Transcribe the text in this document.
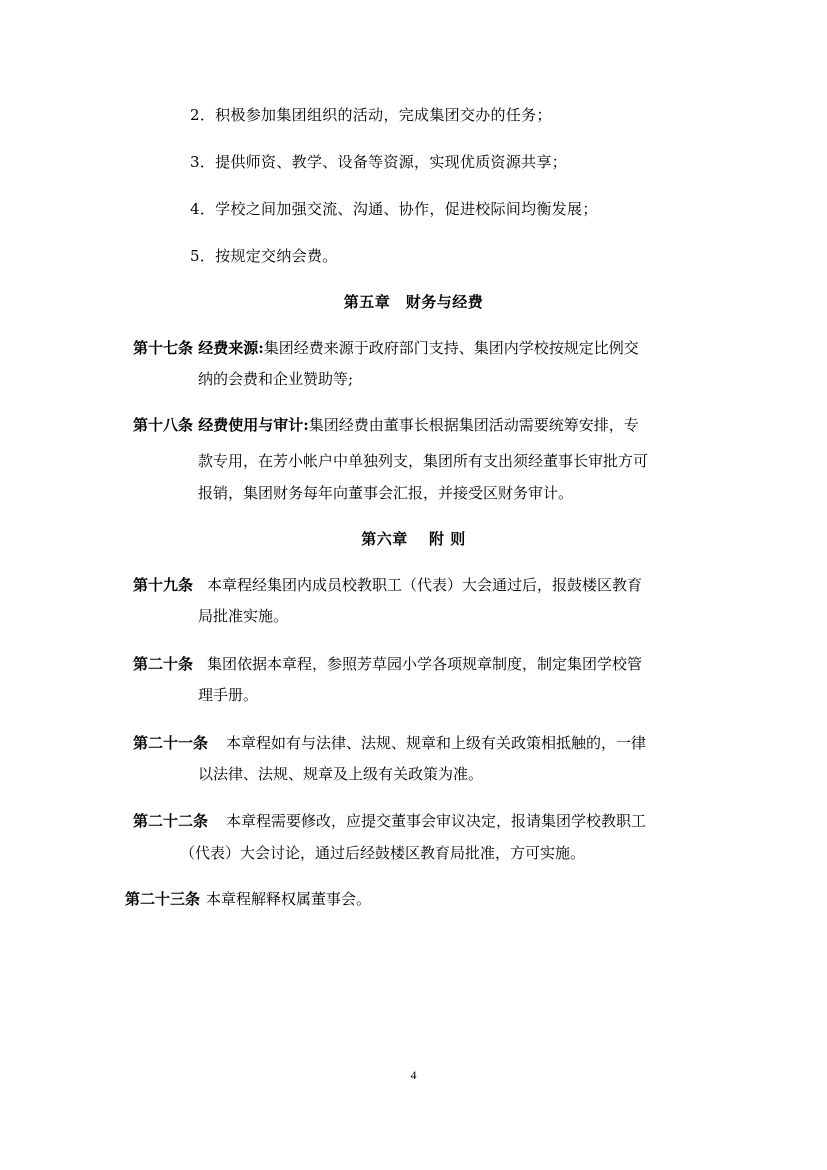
2．积极参加集团组织的活动，完成集团交办的任务；
3．提供师资、教学、设备等资源，实现优质资源共享；
4．学校之间加强交流、沟通、协作，促进校际间均衡发展；
5．按规定交纳会费。
第五章　财务与经费
第十七条 经费来源:集团经费来源于政府部门支持、集团内学校按规定比例交
纳的会费和企业赞助等;
第十八条 经费使用与审计:集团经费由董事长根据集团活动需要统筹安排，专
款专用，在芳小帐户中单独列支，集团所有支出须经董事长审批方可
报销，集团财务每年向董事会汇报，并接受区财务审计。
第六章　 附 则
第十九条 本章程经集团内成员校教职工（代表）大会通过后，报鼓楼区教育
局批准实施。
第二十条 集团依据本章程，参照芳草园小学各项规章制度，制定集团学校管
理手册。
第二十一条 本章程如有与法律、法规、规章和上级有关政策相抵触的，一律
以法律、法规、规章及上级有关政策为准。
第二十二条 本章程需要修改，应提交董事会审议决定，报请集团学校教职工
（代表）大会讨论，通过后经鼓楼区教育局批准，方可实施。
第二十三条 本章程解释权属董事会。
4
